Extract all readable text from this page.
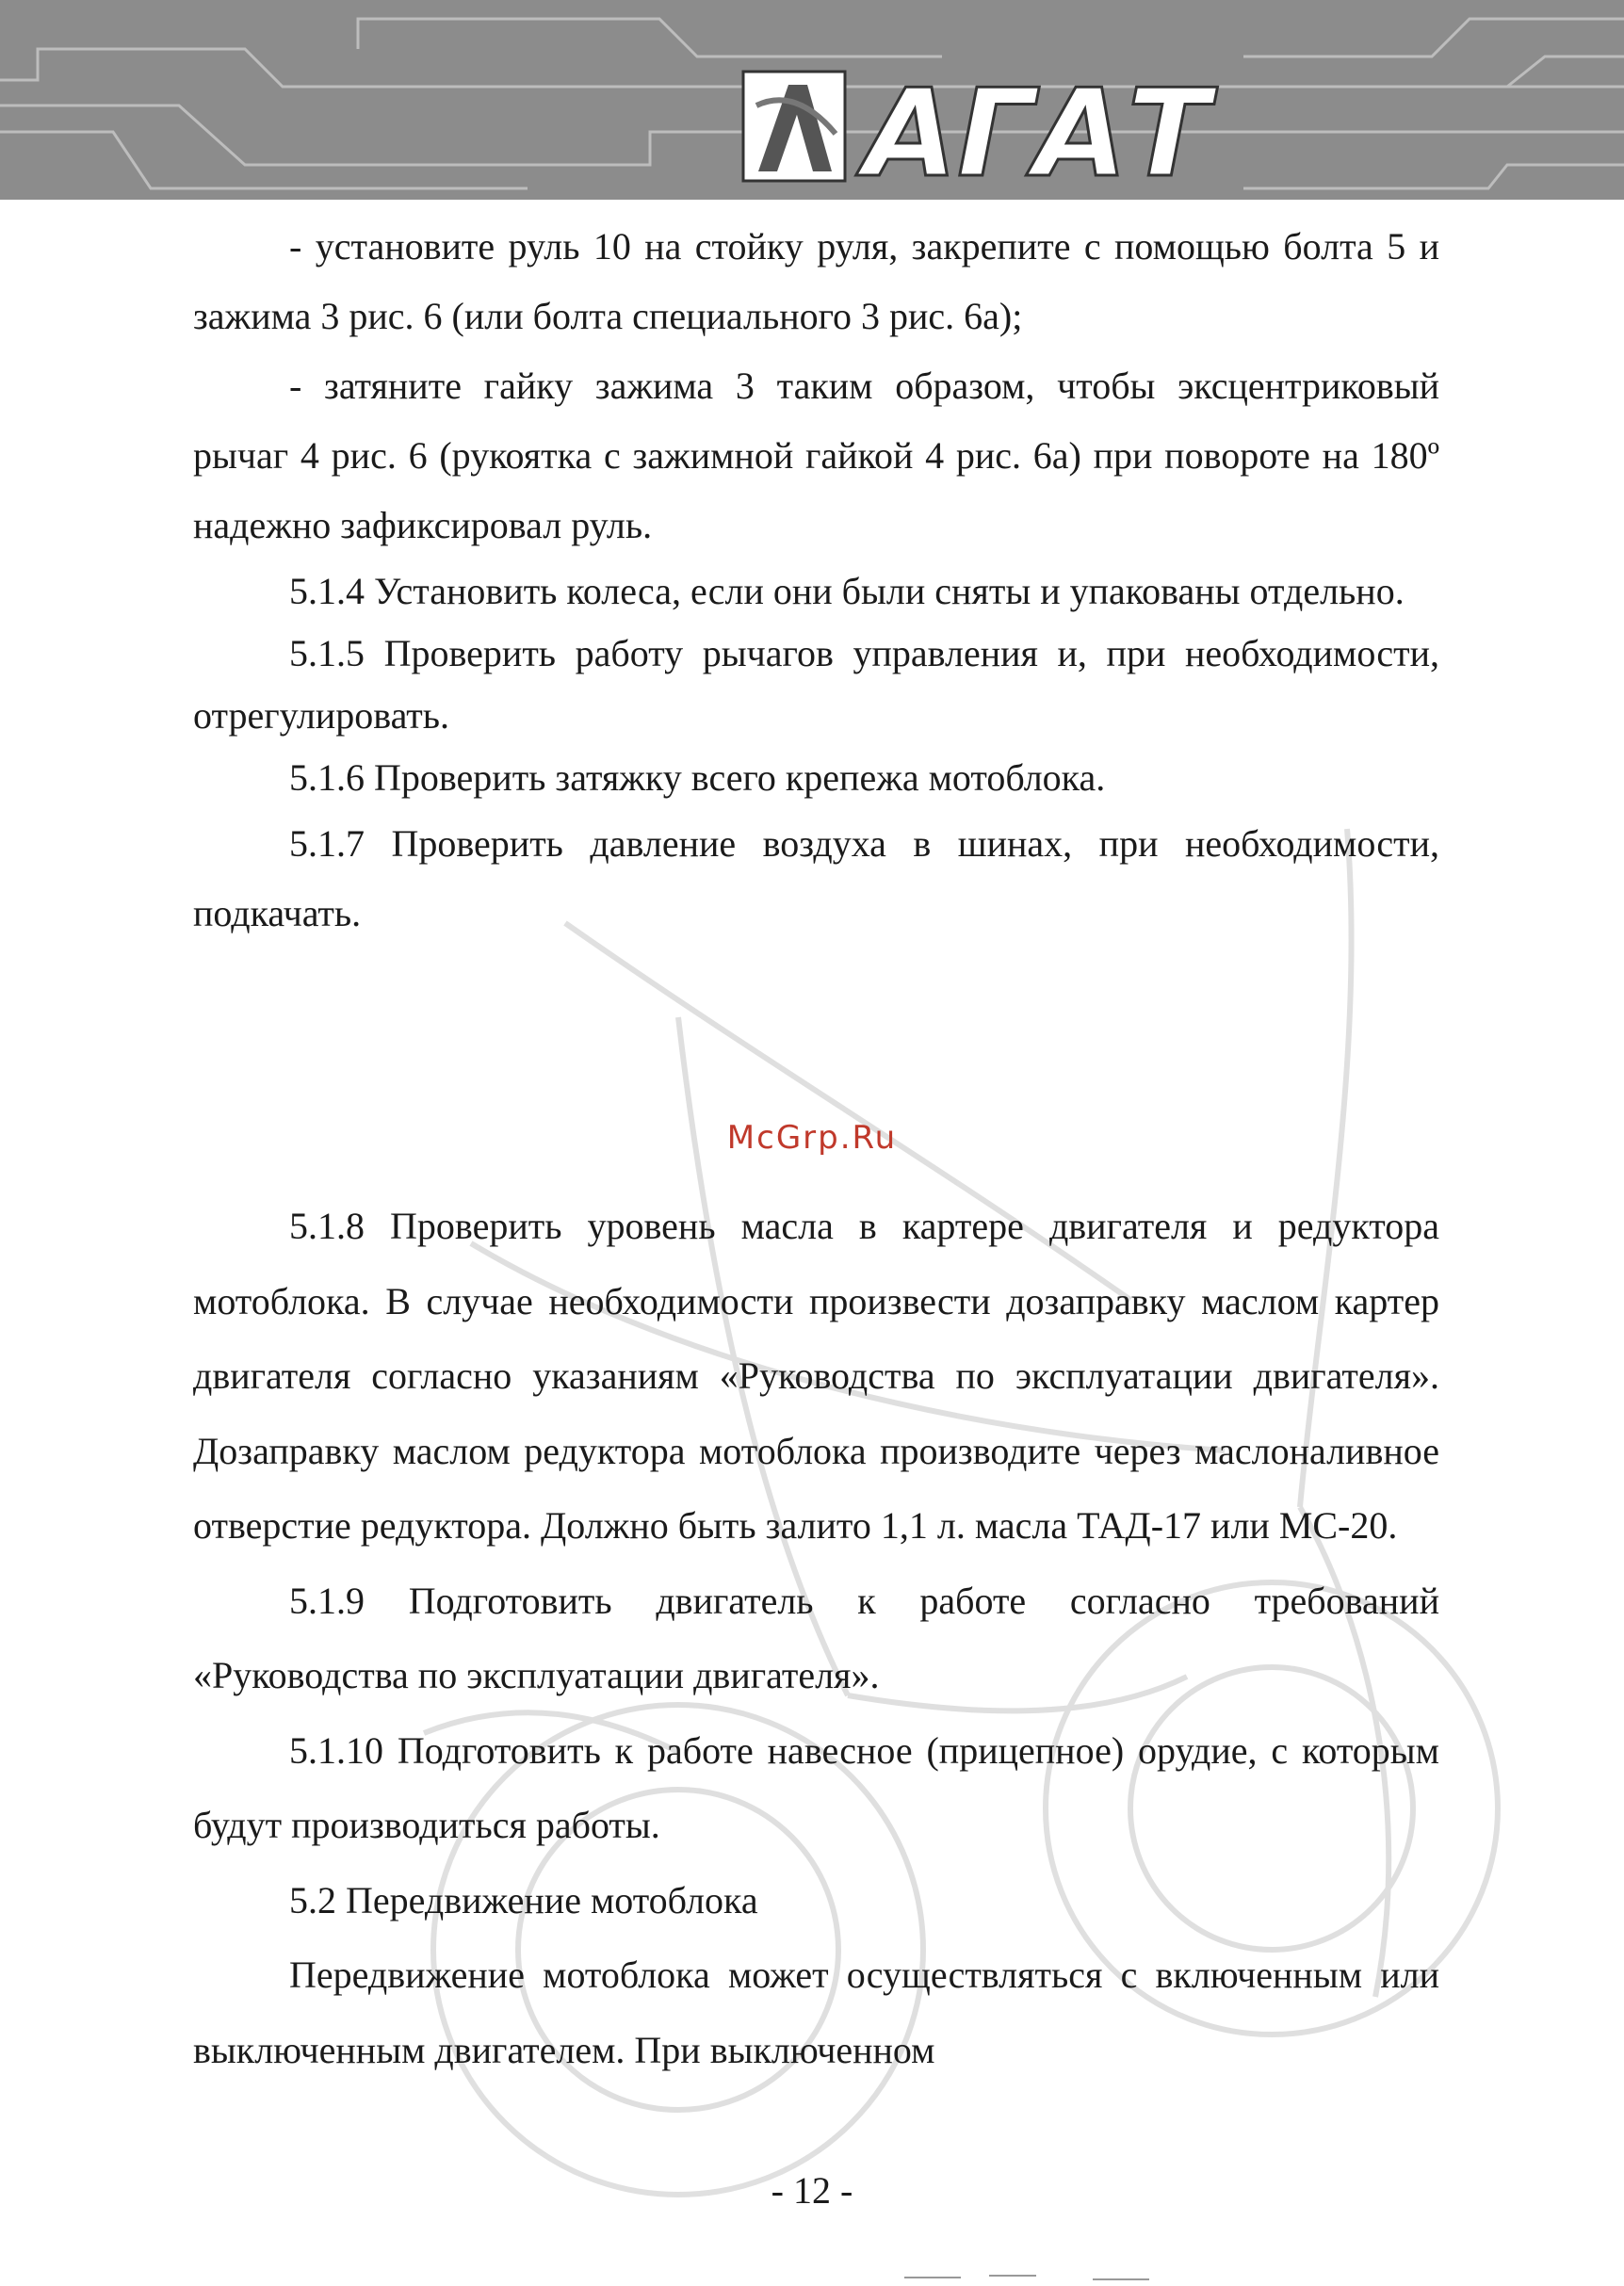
АГАТ

- установите руль 10 на стойку руля, закрепите с помощью болта 5 и зажима 3 рис. 6 (или болта специального 3 рис. 6а);

- затяните гайку зажима 3 таким образом, чтобы эксцентриковый рычаг 4 рис. 6 (рукоятка с зажимной гайкой 4 рис. 6а) при повороте на 180º надежно зафиксировал руль.

5.1.4 Установить колеса, если они были сняты и упакованы отдельно.

5.1.5 Проверить работу рычагов управления и, при необходимости, отрегулировать.

5.1.6 Проверить затяжку всего крепежа мотоблока.

5.1.7 Проверить давление воздуха в шинах, при необходимости, подкачать.

McGrp.Ru

5.1.8 Проверить уровень масла в картере двигателя и редуктора мотоблока. В случае необходимости произвести дозаправку маслом картер двигателя согласно указаниям «Руководства по эксплуатации двигателя». Дозаправку маслом редуктора мотоблока производите через маслоналивное отверстие редуктора. Должно быть залито 1,1 л. масла ТАД-17 или МС-20.

5.1.9 Подготовить двигатель к работе согласно требований «Руководства по эксплуатации двигателя».

5.1.10 Подготовить к работе навесное (прицепное) орудие, с которым будут производиться работы.

5.2 Передвижение мотоблока

Передвижение мотоблока может осуществляться с включенным или выключенным двигателем. При выключенном

- 12 -
